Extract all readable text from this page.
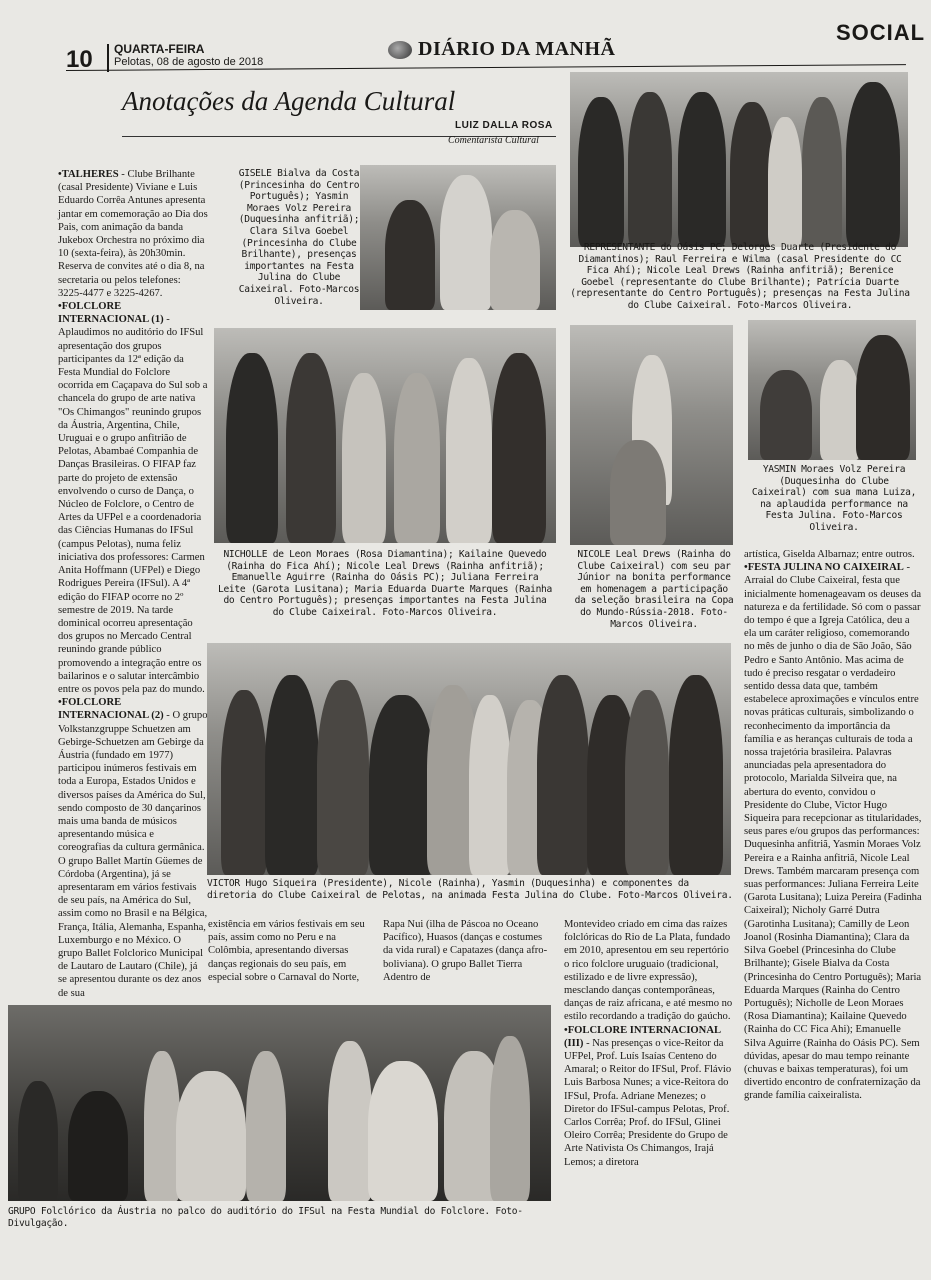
10 QUARTA-FEIRA
Pelotas, 08 de agosto de 2018
DIÁRIO DA MANHÃ
SOCIAL
Anotações da Agenda Cultural
LUIZ DALLA ROSA
Comentarista Cultural

•TALHERES - Clube Brilhante (casal Presidente) Viviane e Luis Eduardo Corrêa Antunes apresenta jantar em comemoração ao Dia dos Pais, com animação da banda Jukebox Orchestra no próximo dia 10 (sexta-feira), às 20h30min. Reserva de convites até o dia 8, na secretaria ou pelos telefones: 3225-4477 e 3225-4267.

•FOLCLORE INTERNACIONAL (1) - Aplaudimos no auditório do IFSul apresentação dos grupos participantes da 12ª edição da Festa Mundial do Folclore ocorrida em Caçapava do Sul sob a chancela do grupo de arte nativa "Os Chimangos" reunindo grupos da Áustria, Argentina, Chile, Uruguai e o grupo anfitrião de Pelotas, Abambaé Companhia de Danças Brasileiras. O FIFAP faz parte do projeto de extensão envolvendo o curso de Dança, o Núcleo de Folclore, o Centro de Artes da UFPel e a coordenadoria das Ciências Humanas do IFSul (campus Pelotas), numa feliz iniciativa dos professores: Carmen Anita Hoffmann (UFPel) e Diego Rodrigues Pereira (IFSul). A 4ª edição do FIFAP ocorre no 2º semestre de 2019. Na tarde dominical ocorreu apresentação dos grupos no Mercado Central reunindo grande público promovendo a integração entre os bailarinos e o salutar intercâmbio entre os povos pela paz do mundo.

•FOLCLORE INTERNACIONAL (2) - O grupo Volkstanzgruppe Schuetzen am Gebirge-Schuetzen am Gebirge da Áustria (fundado em 1977) participou inúmeros festivais em toda a Europa, Estados Unidos e diversos países da América do Sul, sendo composto de 30 dançarinos mais uma banda de músicos apresentando música e coreografias da cultura germânica. O grupo Ballet Martín Güemes de Córdoba (Argentina), já se apresentaram em vários festivais de seu país, na América do Sul, assim como no Brasil e na Bélgica, França, Itália, Alemanha, Espanha, Luxemburgo e no México. O grupo Ballet Folclorico Municipal de Lautaro de Lautaro (Chile), já se apresentou durante os dez anos de sua

GISELE Bialva da Costa (Princesinha do Centro Português); Yasmin Moraes Volz Pereira (Duquesinha anfitriã); Clara Silva Goebel (Princesinha do Clube Brilhante), presenças importantes na Festa Julina do Clube Caixeiral. Foto-Marcos Oliveira.
REPRESENTANTE do Oásis PC; Delorges Duarte (Presidente do Diamantinos); Raul Ferreira e Wilma (casal Presidente do CC Fica Ahí); Nicole Leal Drews (Rainha anfitriã); Berenice Goebel (representante do Clube Brilhante); Patrícia Duarte (representante do Centro Português); presenças na Festa Julina do Clube Caixeiral. Foto-Marcos Oliveira.
NICHOLLE de Leon Moraes (Rosa Diamantina); Kailaine Quevedo (Rainha do Fica Ahí); Nicole Leal Drews (Rainha anfitriã); Emanuelle Aguirre (Rainha do Oásis PC); Juliana Ferreira Leite (Garota Lusitana); Maria Eduarda Duarte Marques (Rainha do Centro Português); presenças importantes na Festa Julina do Clube Caixeiral. Foto-Marcos Oliveira.
NICOLE Leal Drews (Rainha do Clube Caixeiral) com seu par Júnior na bonita performance em homenagem a participação da seleção brasileira na Copa do Mundo-Rússia-2018. Foto-Marcos Oliveira.
YASMIN Moraes Volz Pereira (Duquesinha do Clube Caixeiral) com sua mana Luiza, na aplaudida performance na Festa Julina. Foto-Marcos Oliveira.

artística, Giselda Albarnaz; entre outros.

•FESTA JULINA NO CAIXEIRAL - Arraial do Clube Caixeiral, festa que inicialmente homenageavam os deuses da natureza e da fertilidade. Só com o passar do tempo é que a Igreja Católica, deu a ela um caráter religioso, comemorando no mês de junho o dia de São João, São Pedro e Santo Antônio. Mas acima de tudo é preciso resgatar o verdadeiro sentido dessa data que, também estabelece aproximações e vínculos entre novas práticas culturais, simbolizando o reconhecimento da importância da família e as heranças culturais de toda a nossa trajetória brasileira. Palavras anunciadas pela apresentadora do protocolo, Marialda Silveira que, na abertura do evento, convidou o Presidente do Clube, Victor Hugo Siqueira para recepcionar as titularidades, seus pares e/ou grupos das performances: Duquesinha anfitriã, Yasmin Moraes Volz Pereira e a Rainha anfitriã, Nicole Leal Drews. Também marcaram presença com suas performances: Juliana Ferreira Leite (Garota Lusitana); Luiza Pereira (Fadinha Caixeiral); Nicholy Garré Dutra (Garotinha Lusitana); Camilly de Leon Joanol (Rosinha Diamantina); Clara da Silva Goebel (Princesinha do Clube Brilhante); Gisele Bialva da Costa (Princesinha do Centro Português); Maria Eduarda Marques (Rainha do Centro Português); Nicholle de Leon Moraes (Rosa Diamantina); Kailaine Quevedo (Rainha do CC Fica Ahi); Emanuelle Silva Aguirre (Rainha do Oásis PC). Sem dúvidas, apesar do mau tempo reinante (chuvas e baixas temperaturas), foi um divertido encontro de confraternização da grande família caixeiralista.

VICTOR Hugo Siqueira (Presidente), Nicole (Rainha), Yasmin (Duquesinha) e componentes da diretoria do Clube Caixeiral de Pelotas, na animada Festa Julina do Clube. Foto-Marcos Oliveira.

existência em vários festivais em seu país, assim como no Peru e na Colômbia, apresentando diversas danças regionais do seu país, em especial sobre o Carnaval do Norte,

Rapa Nui (ilha de Páscoa no Oceano Pacífico), Huasos (danças e costumes da vida rural) e Capatazes (dança afro-boliviana). O grupo Ballet Tierra Adentro de

Montevideo criado em cima das raízes folclóricas do Rio de La Plata, fundado em 2010, apresentou em seu repertório o rico folclore uruguaio (tradicional, estilizado e de livre expressão), mesclando danças contemporâneas, danças de raiz africana, e até mesmo no estilo recordando a tradição do gaúcho.

•FOLCLORE INTERNACIONAL (III) - Nas presenças o vice-Reitor da UFPel, Prof. Luís Isaías Centeno do Amaral; o Reitor do IFSul, Prof. Flávio Luis Barbosa Nunes; a vice-Reitora do IFSul, Profa. Adriane Menezes; o Diretor do IFSul-campus Pelotas, Prof. Carlos Corrêa; Prof. do IFSul, Glinei Oleiro Corrêa; Presidente do Grupo de Arte Nativista Os Chimangos, Irajá Lemos; a diretora

GRUPO Folclórico da Áustria no palco do auditório do IFSul na Festa Mundial do Folclore. Foto-Divulgação.
